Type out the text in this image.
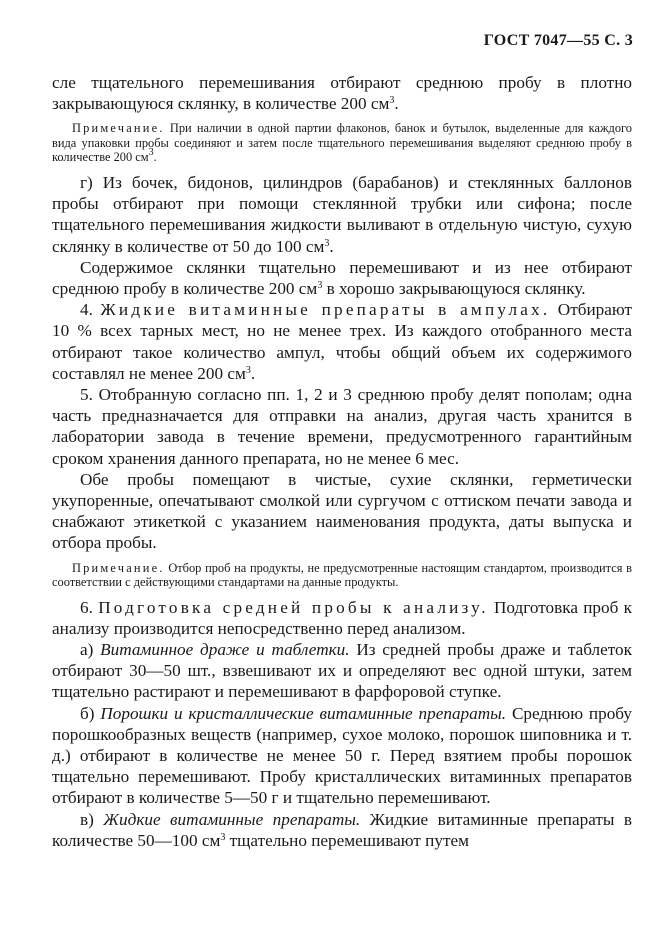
ГОСТ 7047—55 С. 3

сле тщательного перемешивания отбирают среднюю пробу в плотно закрывающуюся склянку, в количестве 200 $см^3$.

Примечание. При наличии в одной партии флаконов, банок и бутылок, выделенные для каждого вида упаковки пробы соединяют и затем после тщательного перемешивания выделяют среднюю пробу в количестве 200 $см^3$.

г) Из бочек, бидонов, цилиндров (барабанов) и стеклянных баллонов пробы отбирают при помощи стеклянной трубки или сифона; после тщательного перемешивания жидкости выливают в отдельную чистую, сухую склянку в количестве от 50 до 100 $см^3$.

Содержимое склянки тщательно перемешивают и из нее отбирают среднюю пробу в количестве 200 $см^3$ в хорошо закрывающуюся склянку.

4. Жидкие витаминные препараты в ампулах. Отбирают 10 % всех тарных мест, но не менее трех. Из каждого отобранного места отбирают такое количество ампул, чтобы общий объем их содержимого составлял не менее 200 $см^3$.

5. Отобранную согласно пп. 1, 2 и 3 среднюю пробу делят пополам; одна часть предназначается для отправки на анализ, другая часть хранится в лаборатории завода в течение времени, предусмотренного гарантийным сроком хранения данного препарата, но не менее 6 мес.

Обе пробы помещают в чистые, сухие склянки, герметически укупоренные, опечатывают смолкой или сургучом с оттиском печати завода и снабжают этикеткой с указанием наименования продукта, даты выпуска и отбора пробы.

Примечание. Отбор проб на продукты, не предусмотренные настоящим стандартом, производится в соответствии с действующими стандартами на данные продукты.

6. Подготовка средней пробы к анализу. Подготовка проб к анализу производится непосредственно перед анализом.

а) Витаминное драже и таблетки. Из средней пробы драже и таблеток отбирают 30—50 шт., взвешивают их и определяют вес одной штуки, затем тщательно растирают и перемешивают в фарфоровой ступке.

б) Порошки и кристаллические витаминные препараты. Среднюю пробу порошкообразных веществ (например, сухое молоко, порошок шиповника и т. д.) отбирают в количестве не менее 50 г. Перед взятием пробы порошок тщательно перемешивают. Пробу кристаллических витаминных препаратов отбирают в количестве 5—50 г и тщательно перемешивают.

в) Жидкие витаминные препараты. Жидкие витаминные препараты в количестве 50—100 $см^3$ тщательно перемешивают путем
